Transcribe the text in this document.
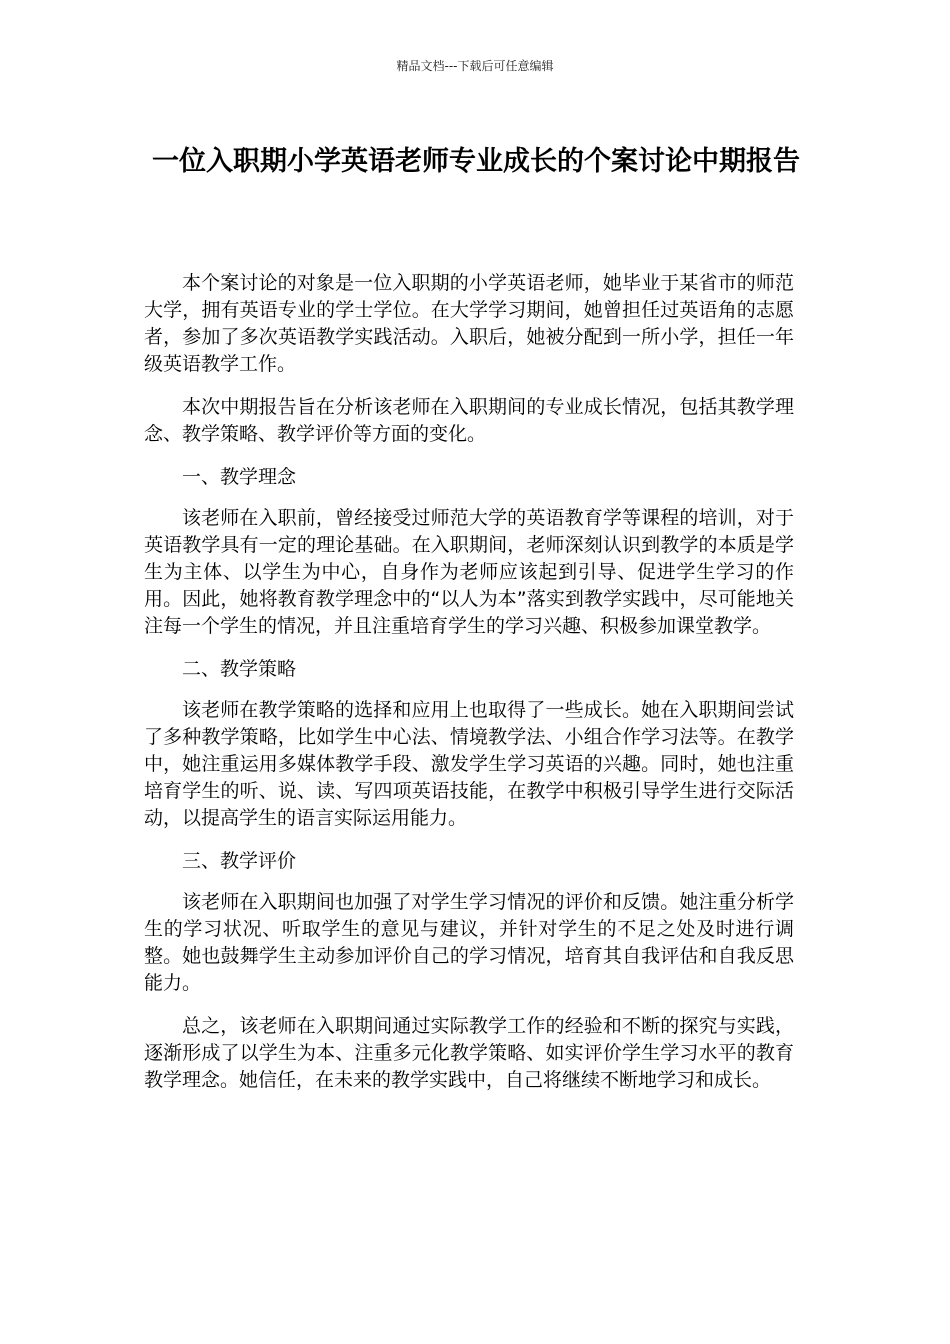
精品文档---下载后可任意编辑
一位入职期小学英语老师专业成长的个案讨论中期报告

本个案讨论的对象是一位入职期的小学英语老师，她毕业于某省市的师范大学，拥有英语专业的学士学位。在大学学习期间，她曾担任过英语角的志愿者，参加了多次英语教学实践活动。入职后，她被分配到一所小学，担任一年级英语教学工作。

本次中期报告旨在分析该老师在入职期间的专业成长情况，包括其教学理念、教学策略、教学评价等方面的变化。

一、教学理念

该老师在入职前，曾经接受过师范大学的英语教育学等课程的培训，对于英语教学具有一定的理论基础。在入职期间，老师深刻认识到教学的本质是学生为主体、以学生为中心，自身作为老师应该起到引导、促进学生学习的作用。因此，她将教育教学理念中的“以人为本”落实到教学实践中，尽可能地关注每一个学生的情况，并且注重培育学生的学习兴趣、积极参加课堂教学。

二、教学策略

该老师在教学策略的选择和应用上也取得了一些成长。她在入职期间尝试了多种教学策略，比如学生中心法、情境教学法、小组合作学习法等。在教学中，她注重运用多媒体教学手段、激发学生学习英语的兴趣。同时，她也注重培育学生的听、说、读、写四项英语技能，在教学中积极引导学生进行交际活动，以提高学生的语言实际运用能力。

三、教学评价

该老师在入职期间也加强了对学生学习情况的评价和反馈。她注重分析学生的学习状况、听取学生的意见与建议，并针对学生的不足之处及时进行调整。她也鼓舞学生主动参加评价自己的学习情况，培育其自我评估和自我反思能力。

总之，该老师在入职期间通过实际教学工作的经验和不断的探究与实践，逐渐形成了以学生为本、注重多元化教学策略、如实评价学生学习水平的教育教学理念。她信任，在未来的教学实践中，自己将继续不断地学习和成长。
